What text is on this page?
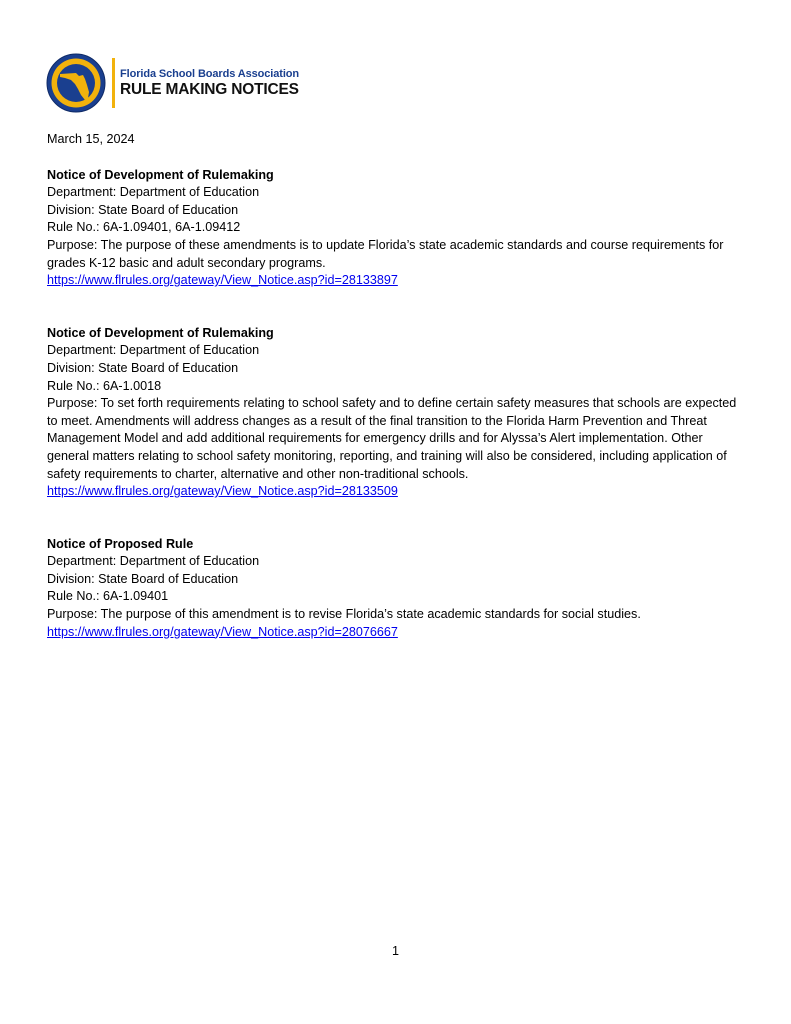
Florida School Boards Association
RULE MAKING NOTICES
March 15, 2024
Notice of Development of Rulemaking
Department: Department of Education
Division: State Board of Education
Rule No.: 6A-1.09401, 6A-1.09412
Purpose: The purpose of these amendments is to update Florida’s state academic standards and course requirements for grades K-12 basic and adult secondary programs.
https://www.flrules.org/gateway/View_Notice.asp?id=28133897
Notice of Development of Rulemaking
Department: Department of Education
Division: State Board of Education
Rule No.: 6A-1.0018
Purpose: To set forth requirements relating to school safety and to define certain safety measures that schools are expected to meet. Amendments will address changes as a result of the final transition to the Florida Harm Prevention and Threat Management Model and add additional requirements for emergency drills and for Alyssa’s Alert implementation. Other general matters relating to school safety monitoring, reporting, and training will also be considered, including application of safety requirements to charter, alternative and other non-traditional schools.
https://www.flrules.org/gateway/View_Notice.asp?id=28133509
Notice of Proposed Rule
Department: Department of Education
Division: State Board of Education
Rule No.: 6A-1.09401
Purpose: The purpose of this amendment is to revise Florida’s state academic standards for social studies.
https://www.flrules.org/gateway/View_Notice.asp?id=28076667
1
